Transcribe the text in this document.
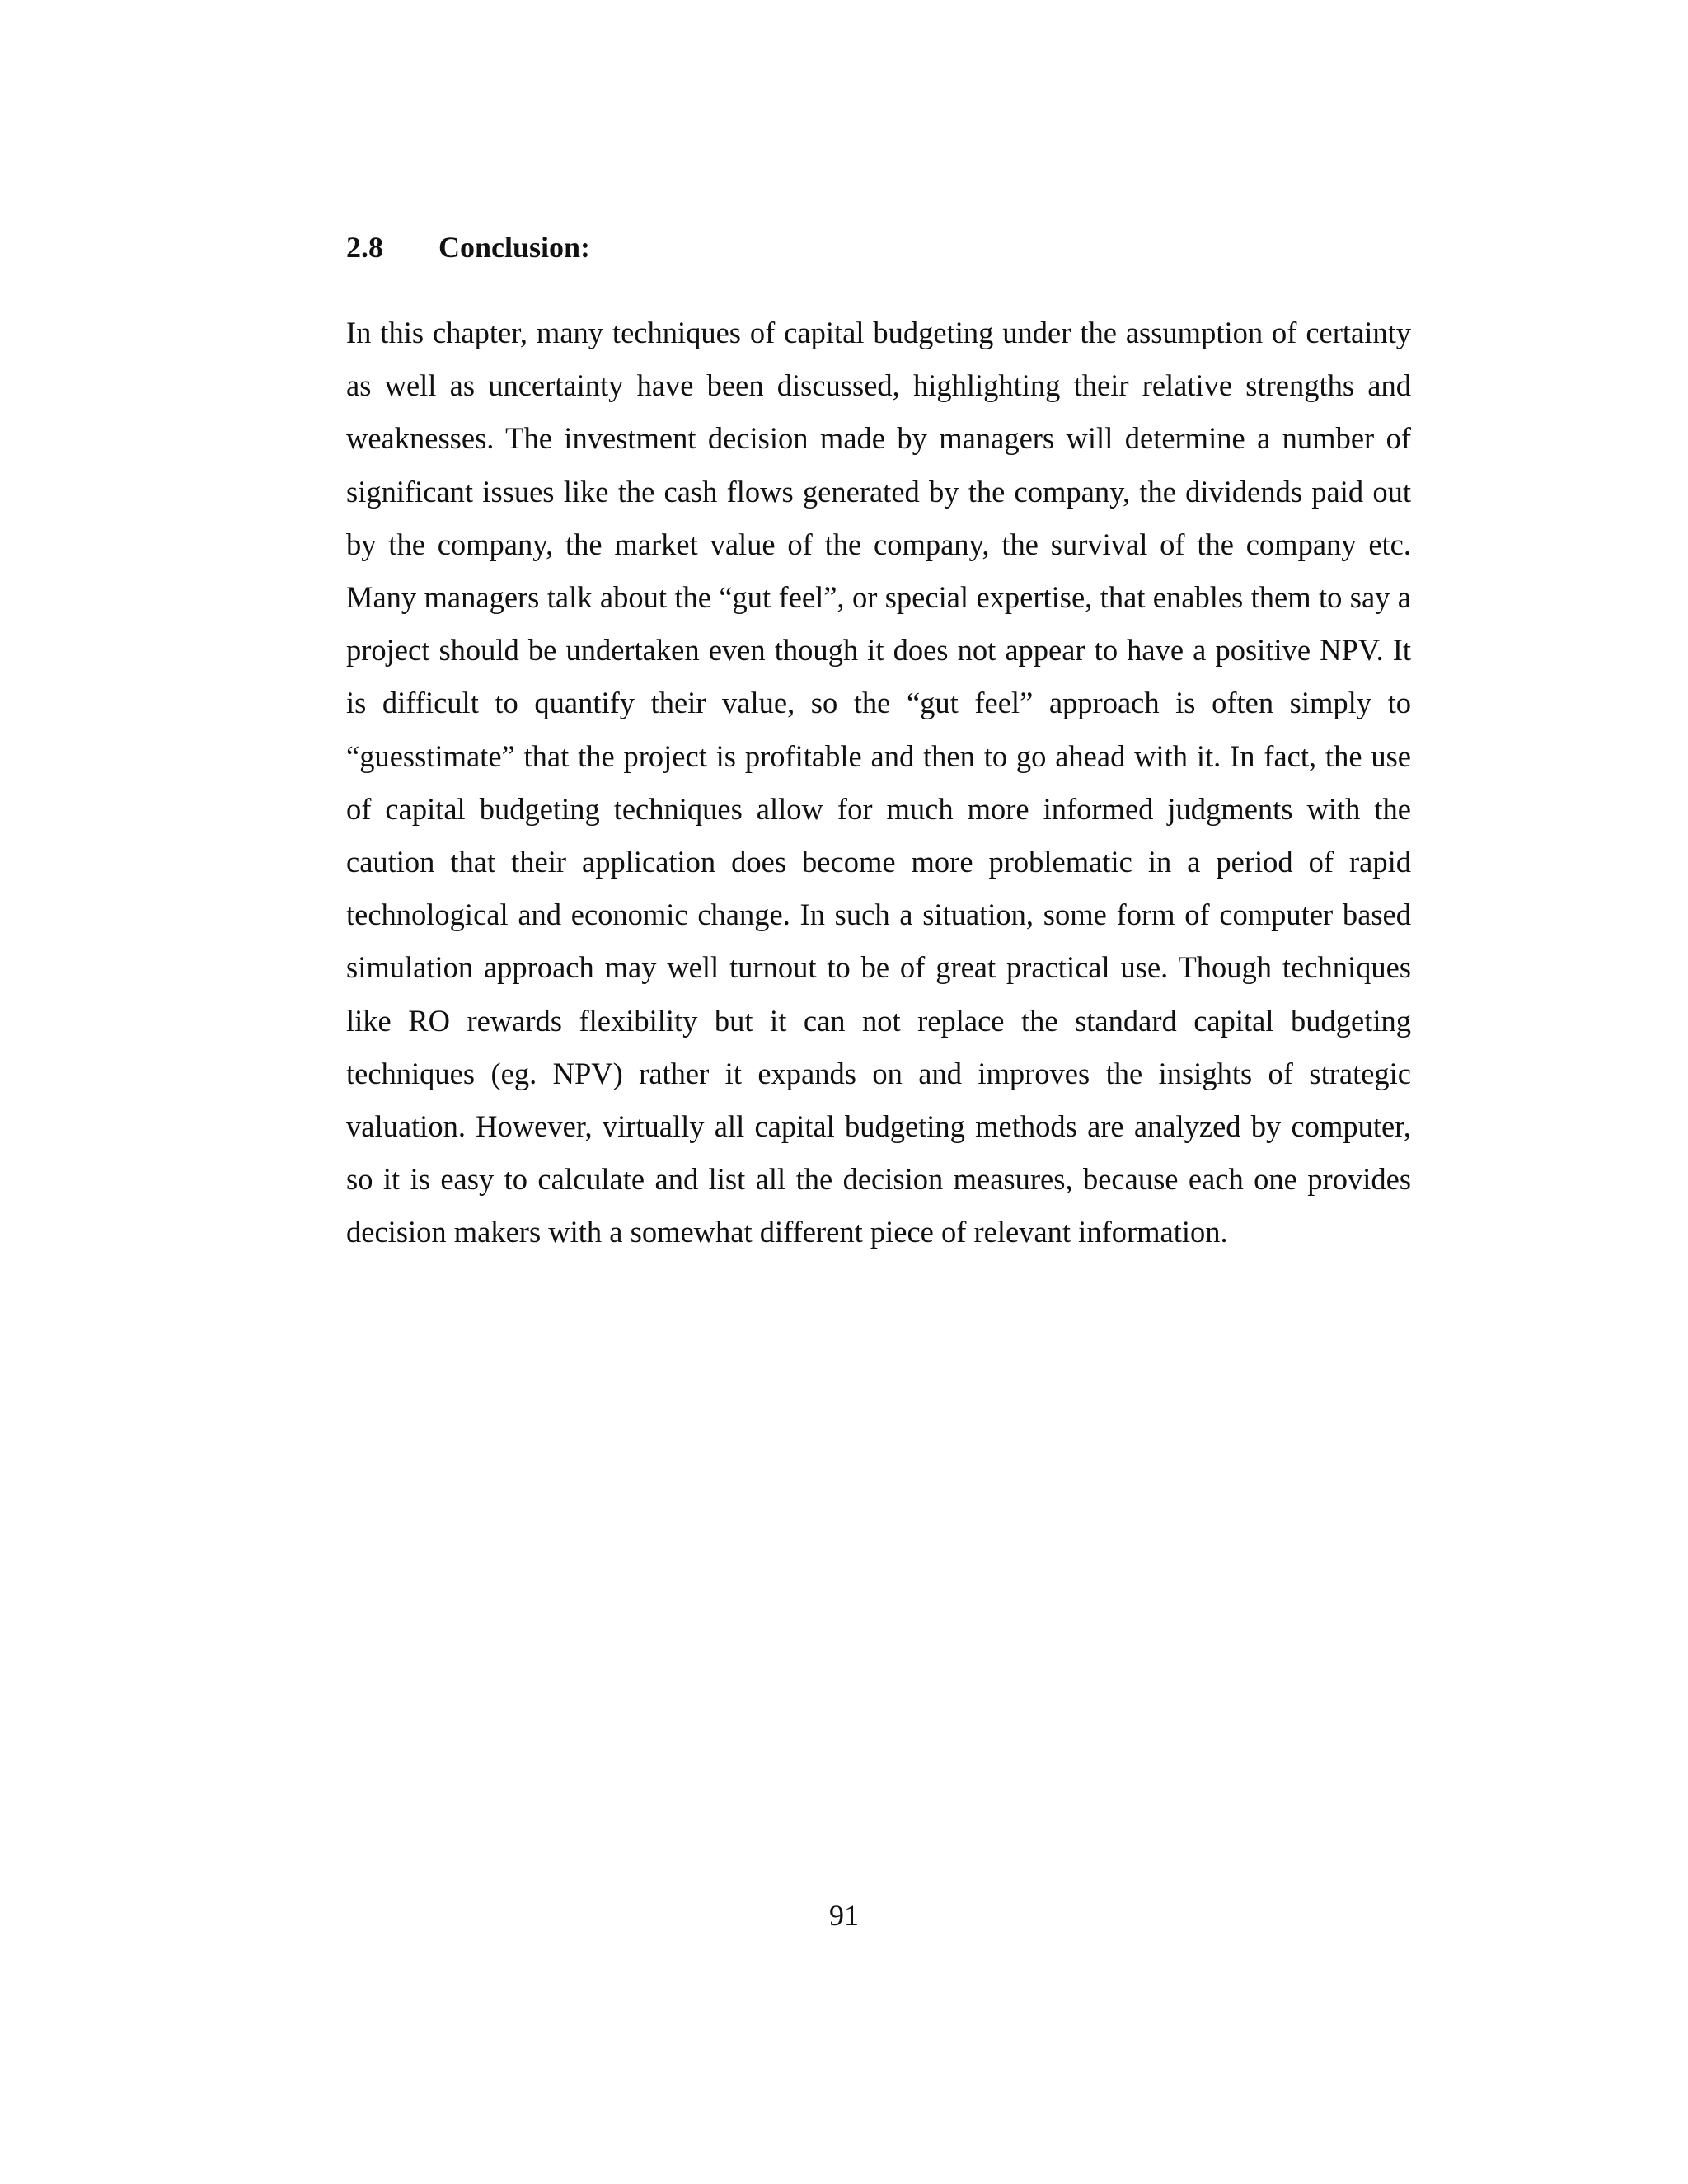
2.8 Conclusion:

In this chapter, many techniques of capital budgeting under the assumption of certainty as well as uncertainty have been discussed, highlighting their relative strengths and weaknesses. The investment decision made by managers will determine a number of significant issues like the cash flows generated by the company, the dividends paid out by the company, the market value of the company, the survival of the company etc. Many managers talk about the “gut feel”, or special expertise, that enables them to say a project should be undertaken even though it does not appear to have a positive NPV. It is difficult to quantify their value, so the “gut feel” approach is often simply to “guesstimate” that the project is profitable and then to go ahead with it. In fact, the use of capital budgeting techniques allow for much more informed judgments with the caution that their application does become more problematic in a period of rapid technological and economic change. In such a situation, some form of computer based simulation approach may well turnout to be of great practical use. Though techniques like RO rewards flexibility but it can not replace the standard capital budgeting techniques (eg. NPV) rather it expands on and improves the insights of strategic valuation. However, virtually all capital budgeting methods are analyzed by computer, so it is easy to calculate and list all the decision measures, because each one provides decision makers with a somewhat different piece of relevant information.

91
